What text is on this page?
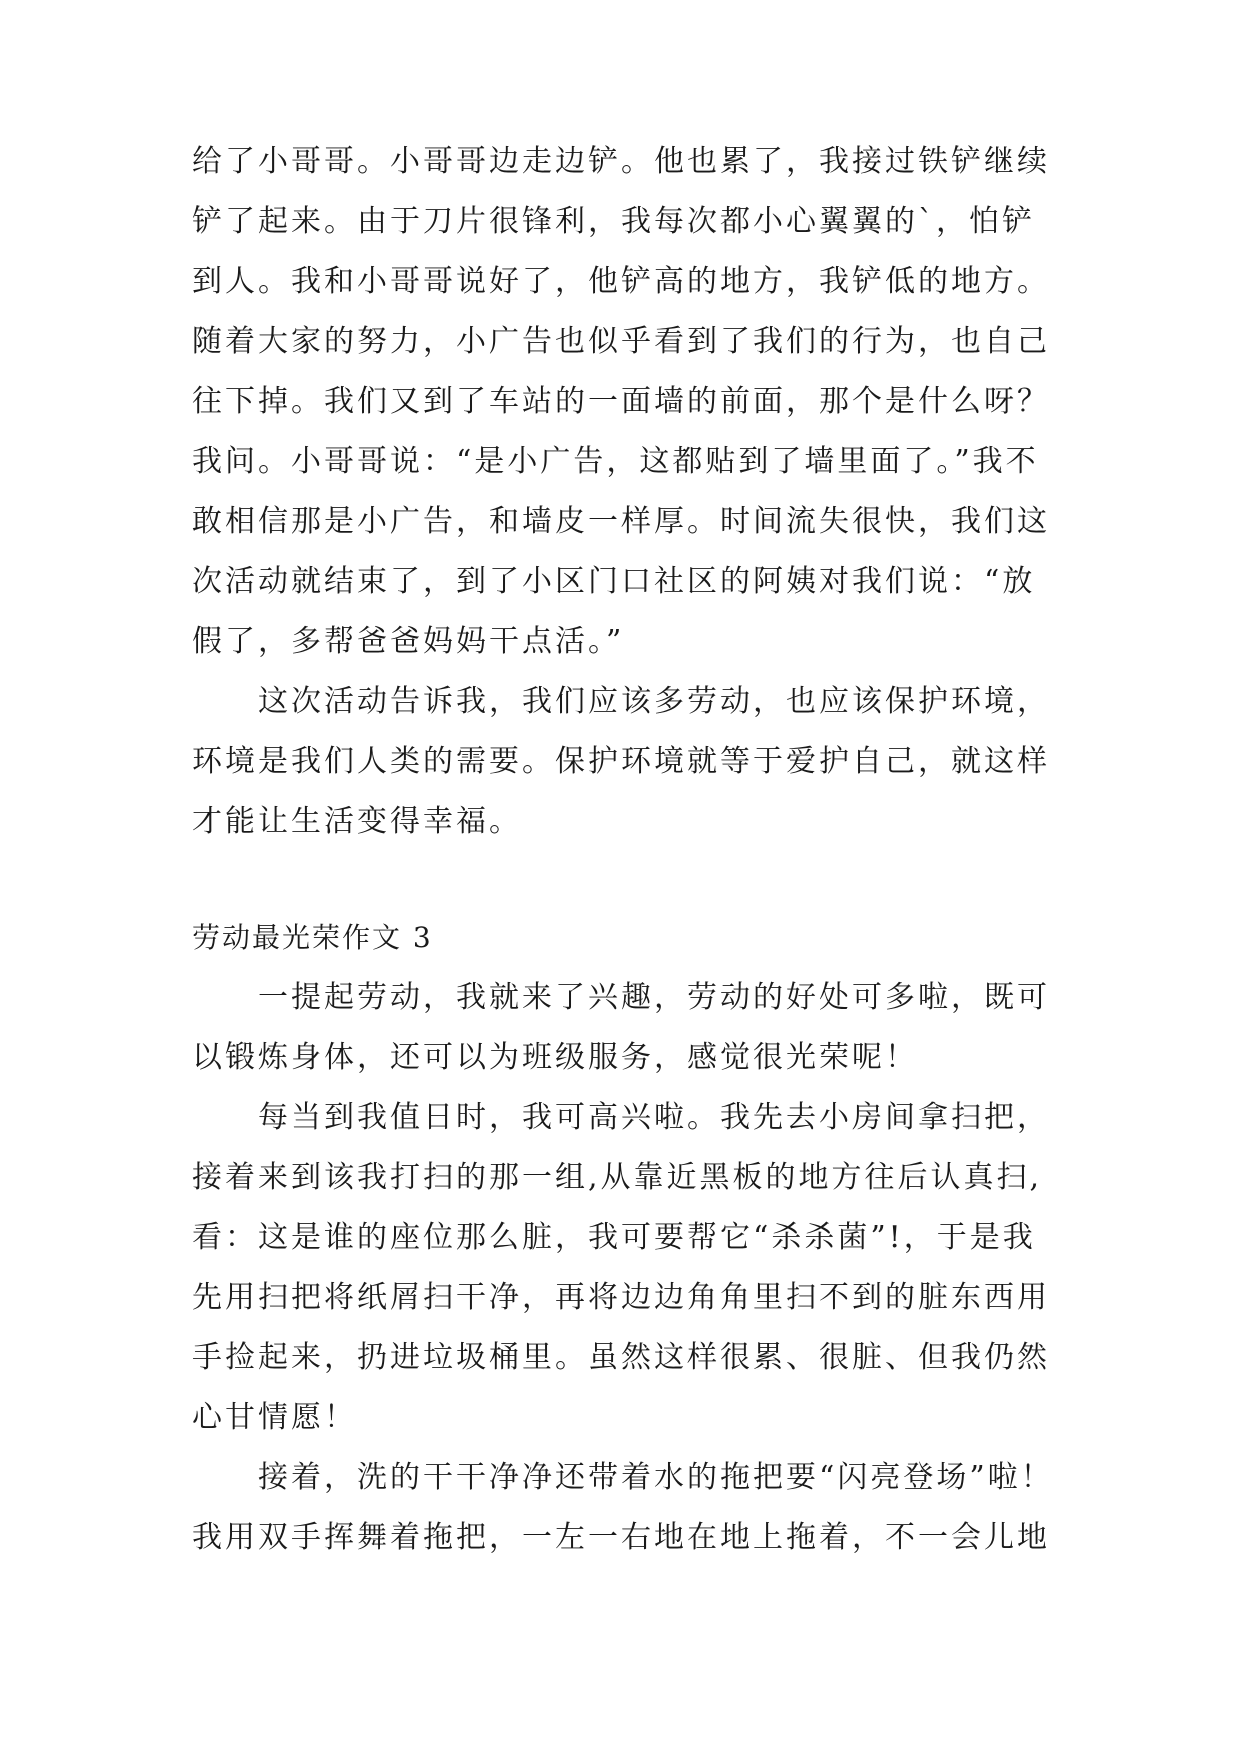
给了小哥哥。小哥哥边走边铲。他也累了，我接过铁铲继续
铲了起来。由于刀片很锋利，我每次都小心翼翼的`，怕铲
到人。我和小哥哥说好了，他铲高的地方，我铲低的地方。
随着大家的努力，小广告也似乎看到了我们的行为，也自己
往下掉。我们又到了车站的一面墙的前面，那个是什么呀？
我问。小哥哥说：“是小广告，这都贴到了墙里面了。”我不
敢相信那是小广告，和墙皮一样厚。时间流失很快，我们这
次活动就结束了，到了小区门口社区的阿姨对我们说：“放
假了，多帮爸爸妈妈干点活。”
这次活动告诉我，我们应该多劳动，也应该保护环境，
环境是我们人类的需要。保护环境就等于爱护自己，就这样
才能让生活变得幸福。
劳动最光荣作文 3
一提起劳动，我就来了兴趣，劳动的好处可多啦，既可
以锻炼身体，还可以为班级服务，感觉很光荣呢！
每当到我值日时，我可高兴啦。我先去小房间拿扫把，
接着来到该我打扫的那一组,从靠近黑板的地方往后认真扫,
看：这是谁的座位那么脏，我可要帮它“杀杀菌”!，于是我
先用扫把将纸屑扫干净，再将边边角角里扫不到的脏东西用
手捡起来，扔进垃圾桶里。虽然这样很累、很脏、但我仍然
心甘情愿！
接着，洗的干干净净还带着水的拖把要“闪亮登场”啦！
我用双手挥舞着拖把，一左一右地在地上拖着，不一会儿地
